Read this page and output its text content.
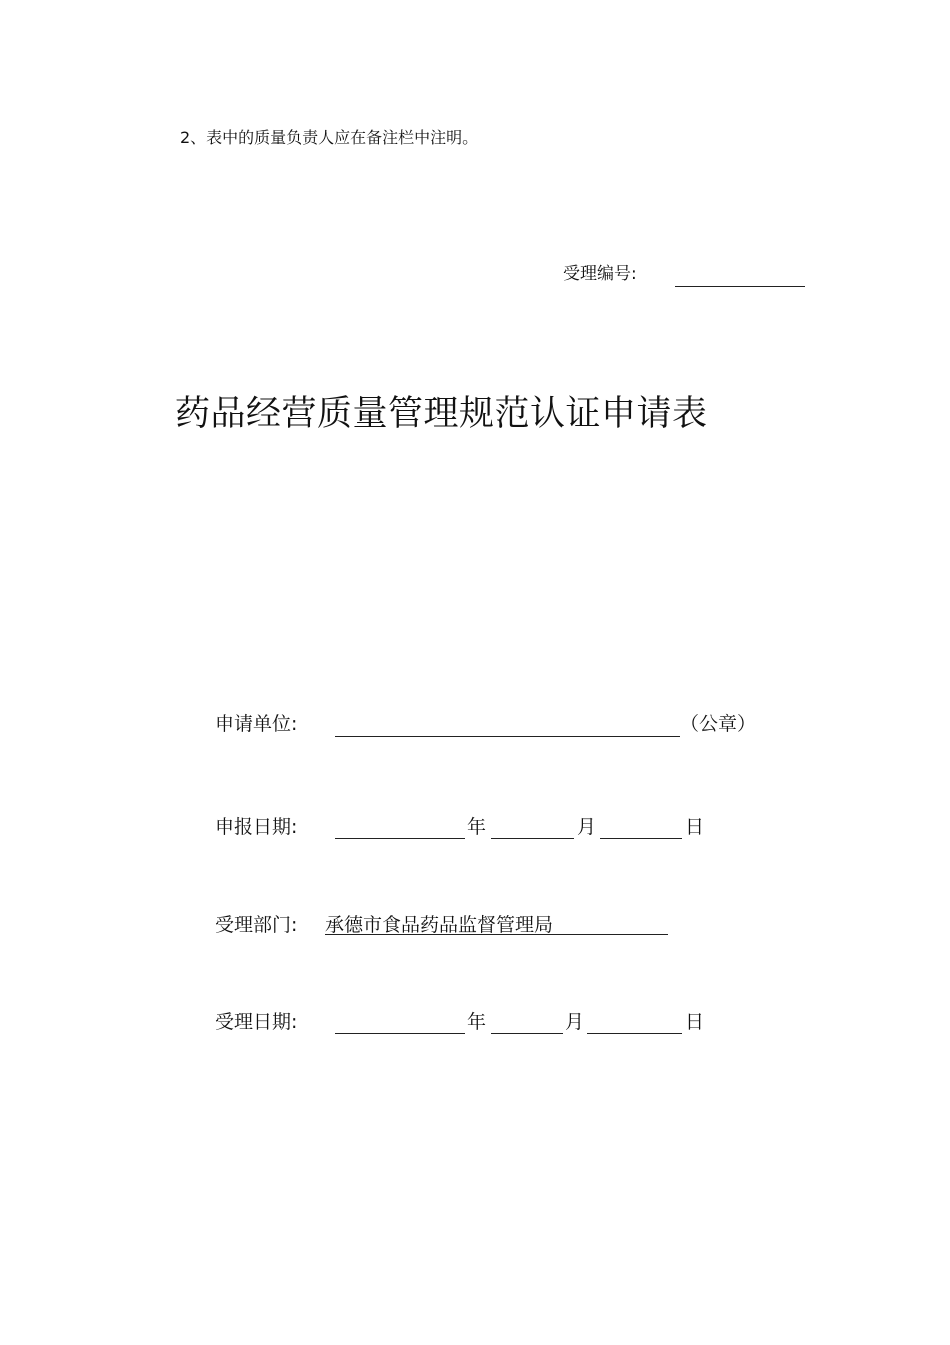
2、表中的质量负责人应在备注栏中注明。
受理编号:
药品经营质量管理规范认证申请表
申请单位:	（公章）
申报日期:	年	月	日
受理部门: 承德市食品药品监督管理局
受理日期:	年	月	日
